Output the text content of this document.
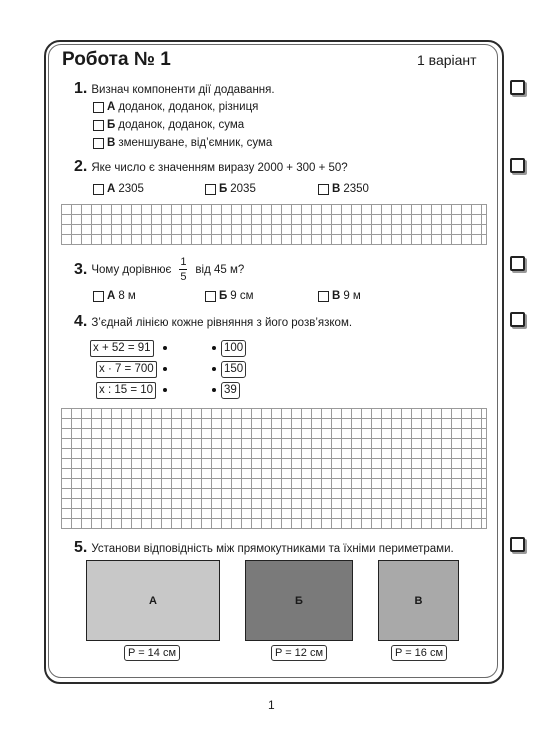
Робота № 1	1 варіант
1. Визнач компоненти дії додавання.
А доданок, доданок, різниця
Б доданок, доданок, сума
В зменшуване, від’ємник, сума
2. Яке число є значенням виразу 2000 + 300 + 50?
А 2305	Б 2035	В 2350
3. Чому дорівнює $\frac{1}{5}$ від 45 м?
А 8 м	Б 9 см	В 9 м
4. З’єднай лінією кожне рівняння з його розв’язком.
x + 52 = 91
x · 7 = 700
x : 15 = 10
100
150
39
5. Установи відповідність між прямокутниками та їхніми периметрами.
А	Б	В
P = 14 см	P = 12 см	P = 16 см
1
